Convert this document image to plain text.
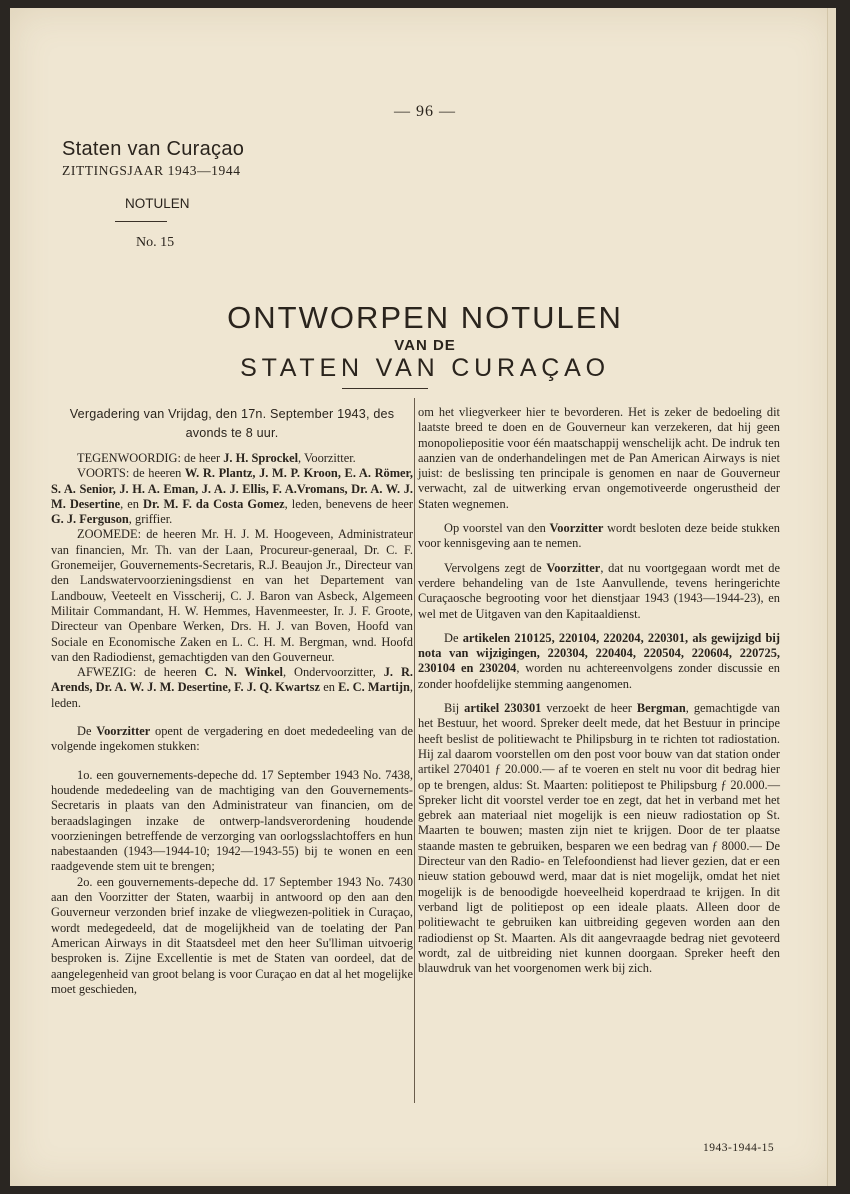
— 96 —
Staten van Curaçao
ZITTINGSJAAR 1943—1944
NOTULEN
No. 15
ONTWORPEN NOTULEN
VAN DE
STATEN VAN CURAÇAO

Vergadering van Vrijdag, den 17n. September 1943, des avonds te 8 uur.

TEGENWOORDIG: de heer J. H. Sprockel, Voorzitter.

VOORTS: de heeren W. R. Plantz, J. M. P. Kroon, E. A. Römer, S. A. Senior, J. H. A. Eman, J. A. J. Ellis, F. A.Vromans, Dr. A. W. J. M. Desertine, en Dr. M. F. da Costa Gomez, leden, benevens de heer G. J. Ferguson, griffier.

ZOOMEDE: de heeren Mr. H. J. M. Hoogeveen, Administrateur van financien, Mr. Th. van der Laan, Procureur-generaal, Dr. C. F. Gronemeijer, Gouvernements-Secretaris, R.J. Beaujon Jr., Directeur van den Landswatervoorzieningsdienst en van het Departement van Landbouw, Veeteelt en Visscherij, C. J. Baron van Asbeck, Algemeen Militair Commandant, H. W. Hemmes, Havenmeester, Ir. J. F. Groote, Directeur van Openbare Werken, Drs. H. J. van Boven, Hoofd van Sociale en Economische Zaken en L. C. H. M. Bergman, wnd. Hoofd van den Radiodienst, gemachtigden van den Gouverneur.

AFWEZIG: de heeren C. N. Winkel, Ondervoorzitter, J. R. Arends, Dr. A. W. J. M. Desertine, F. J. Q. Kwartsz en E. C. Martijn, leden.

De Voorzitter opent de vergadering en doet mededeeling van de volgende ingekomen stukken:

1o. een gouvernements-depeche dd. 17 September 1943 No. 7438, houdende mededeeling van de machtiging van den Gouvernements-Secretaris in plaats van den Administrateur van financien, om de beraadslagingen inzake de ontwerp-landsverordening houdende voorzieningen betreffende de verzorging van oorlogsslachtoffers en hun nabestaanden (1943—1944-10; 1942—1943-55) bij te wonen en een raadgevende stem uit te brengen;

2o. een gouvernements-depeche dd. 17 September 1943 No. 7430 aan den Voorzitter der Staten, waarbij in antwoord op den aan den Gouverneur verzonden brief inzake de vliegwezen-politiek in Curaçao, wordt medegedeeld, dat de mogelijkheid van de toelating der Pan American Airways in dit Staatsdeel met den heer Su'lliman uitvoerig besproken is. Zijne Excellentie is met de Staten van oordeel, dat de aangelegenheid van groot belang is voor Curaçao en dat al het mogelijke moet geschieden,

om het vliegverkeer hier te bevorderen. Het is zeker de bedoeling dit laatste breed te doen en de Gouverneur kan verzekeren, dat hij geen monopoliepositie voor één maatschappij wenschelijk acht. De indruk ten aanzien van de onderhandelingen met de Pan American Airways is niet juist: de beslissing ten principale is genomen en naar de Gouverneur verwacht, zal de uitwerking ervan ongemotiveerde ongerustheid der Staten wegnemen.

Op voorstel van den Voorzitter wordt besloten deze beide stukken voor kennisgeving aan te nemen.

Vervolgens zegt de Voorzitter, dat nu voortgegaan wordt met de verdere behandeling van de 1ste Aanvullende, tevens heringerichte Curaçaosche begrooting voor het dienstjaar 1943 (1943—1944-23), en wel met de Uitgaven van den Kapitaaldienst.

De artikelen 210125, 220104, 220204, 220301, als gewijzigd bij nota van wijzigingen, 220304, 220404, 220504, 220604, 220725, 230104 en 230204, worden nu achtereenvolgens zonder discussie en zonder hoofdelijke stemming aangenomen.

Bij artikel 230301 verzoekt de heer Bergman, gemachtigde van het Bestuur, het woord. Spreker deelt mede, dat het Bestuur in principe heeft beslist de politiewacht te Philipsburg in te richten tot radiostation. Hij zal daarom voorstellen om den post voor bouw van dat station onder artikel 270401 ƒ 20.000.— af te voeren en stelt nu voor dit bedrag hier op te brengen, aldus: St. Maarten: politiepost te Philipsburg ƒ 20.000.— Spreker licht dit voorstel verder toe en zegt, dat het in verband met het gebrek aan materiaal niet mogelijk is een nieuw radiostation op St. Maarten te bouwen; masten zijn niet te krijgen. Door de ter plaatse staande masten te gebruiken, besparen we een bedrag van ƒ 8000.— De Directeur van den Radio- en Telefoondienst had liever gezien, dat er een nieuw station gebouwd werd, maar dat is niet mogelijk, omdat het niet mogelijk is de benoodigde hoeveelheid koperdraad te krijgen. In dit verband ligt de politiepost op een ideale plaats. Alleen door de politiewacht te gebruiken kan uitbreiding gegeven worden aan den radiodienst op St. Maarten. Als dit aangevraagde bedrag niet gevoteerd wordt, zal de uitbreiding niet kunnen doorgaan. Spreker heeft den blauwdruk van het voorgenomen werk bij zich.

1943-1944-15
